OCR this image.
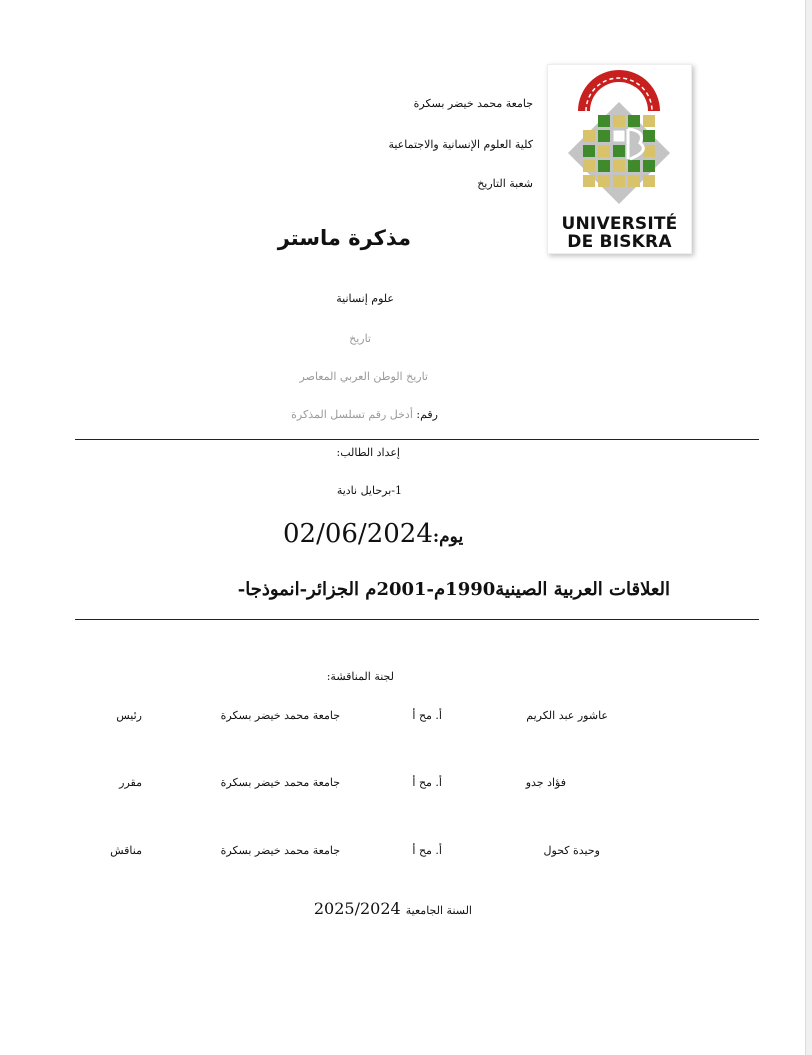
UNIVERSITÉ
DE BISKRA
جامعة محمد خيضر بسكرة
كلية العلوم الإنسانية والاجتماعية
شعبة التاريخ
مذكرة ماستر
علوم إنسانية
تاريخ
تاريخ الوطن العربي المعاصر
رقم: أدخل رقم تسلسل المذكرة
إعداد الطالب:
1-برحايل نادية
يوم:02/06/2024
العلاقات العربية الصينية1990م-2001م الجزائر-انموذجا-
لجنة المناقشة:
عاشور عبد الكريم
أ. مح أ
جامعة محمد خيضر بسكرة
رئيس
فؤاد جدو
أ. مح أ
جامعة محمد خيضر بسكرة
مقرر
وحيدة كحول
أ. مح أ
جامعة محمد خيضر بسكرة
مناقش
السنة الجامعية 2025/2024
